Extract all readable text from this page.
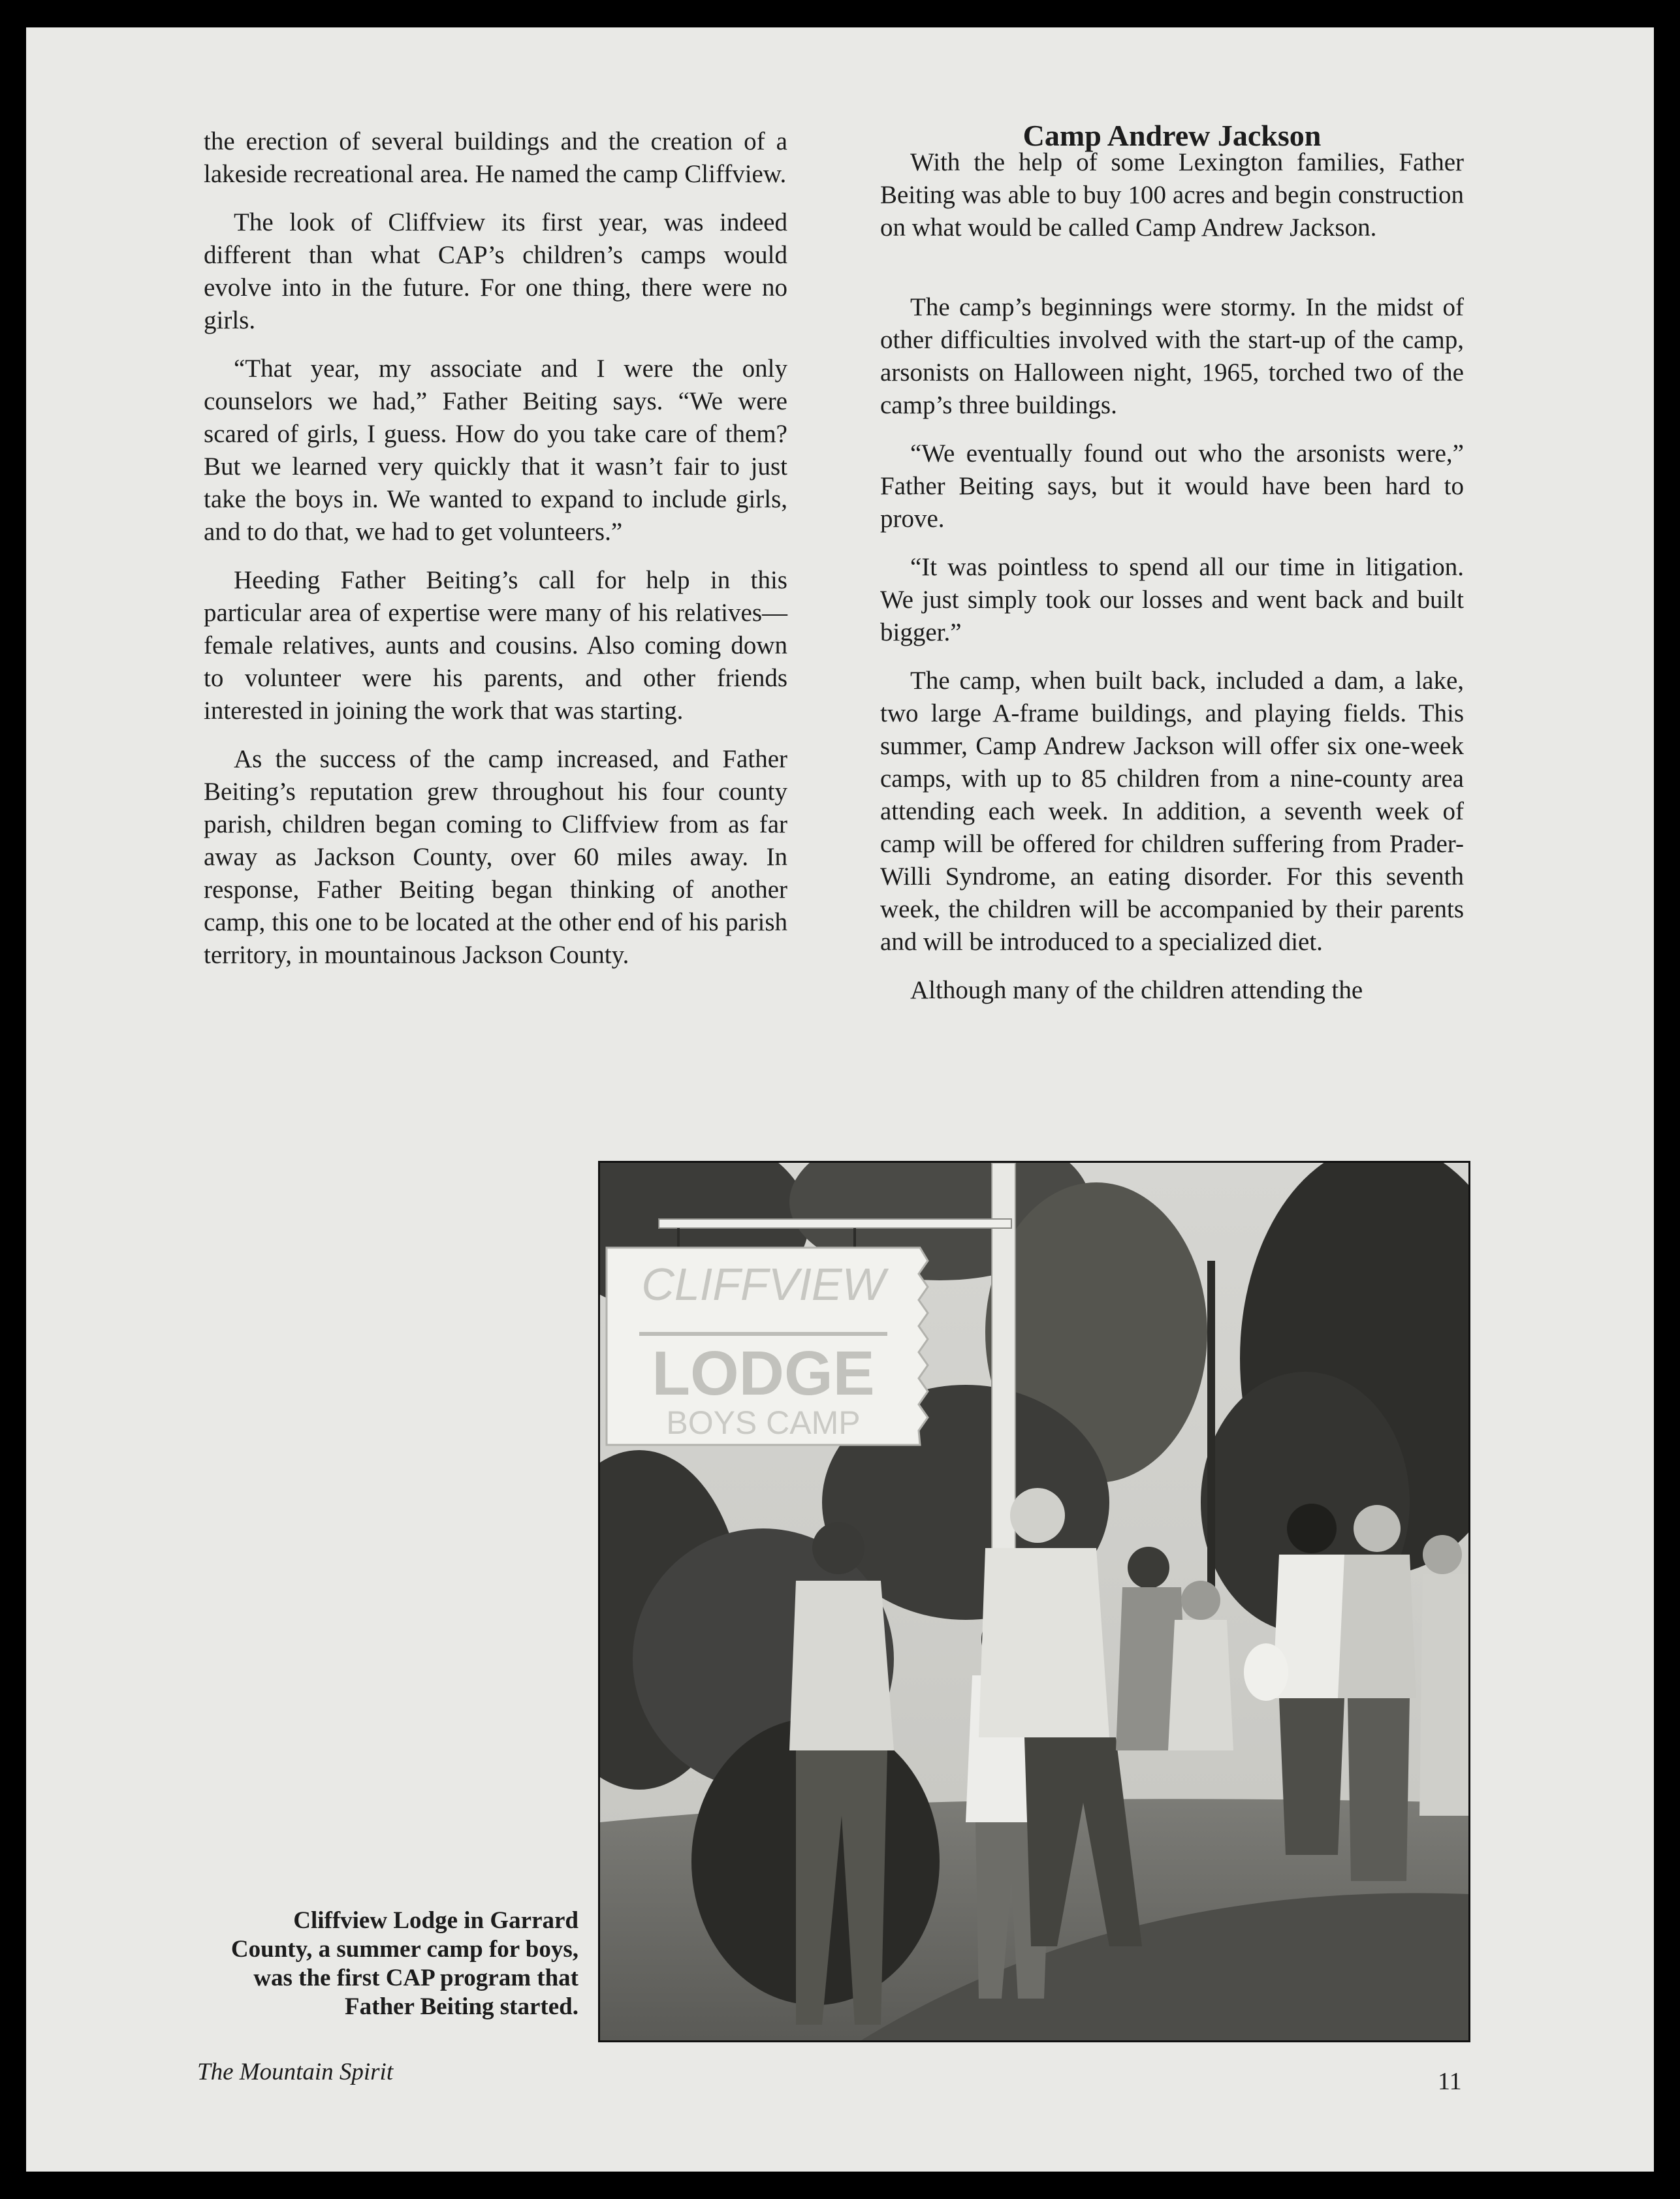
the erection of several buildings and the creation of a lakeside recreational area. He named the camp Cliffview.

The look of Cliffview its first year, was indeed different than what CAP’s children’s camps would evolve into in the future. For one thing, there were no girls.

“That year, my associate and I were the only counselors we had,” Father Beiting says. “We were scared of girls, I guess. How do you take care of them? But we learned very quickly that it wasn’t fair to just take the boys in. We wanted to expand to include girls, and to do that, we had to get volunteers.”

Heeding Father Beiting’s call for help in this particular area of expertise were many of his relatives—female relatives, aunts and cousins. Also coming down to volunteer were his parents, and other friends interested in joining the work that was starting.

As the success of the camp increased, and Father Beiting’s reputation grew throughout his four county parish, children began coming to Cliffview from as far away as Jackson County, over 60 miles away. In response, Father Beiting began thinking of another camp, this one to be located at the other end of his parish territory, in mountainous Jackson County.

Camp Andrew Jackson

With the help of some Lexington families, Father Beiting was able to buy 100 acres and begin construction on what would be called Camp Andrew Jackson.

The camp’s beginnings were stormy. In the midst of other difficulties involved with the start-up of the camp, arsonists on Halloween night, 1965, torched two of the camp’s three buildings.

“We eventually found out who the arsonists were,” Father Beiting says, but it would have been hard to prove.

“It was pointless to spend all our time in litigation. We just simply took our losses and went back and built bigger.”

The camp, when built back, included a dam, a lake, two large A-frame buildings, and playing fields. This summer, Camp Andrew Jackson will offer six one-week camps, with up to 85 children from a nine-county area attending each week. In addition, a seventh week of camp will be offered for children suffering from Prader-Willi Syndrome, an eating disorder. For this seventh week, the children will be accompanied by their parents and will be introduced to a specialized diet.

Although many of the children attending the

CLIFFVIEW
LODGE
BOYS CAMP
Cliffview Lodge in Garrard County, a summer camp for boys, was the first CAP program that Father Beiting started.
The Mountain Spirit	11
